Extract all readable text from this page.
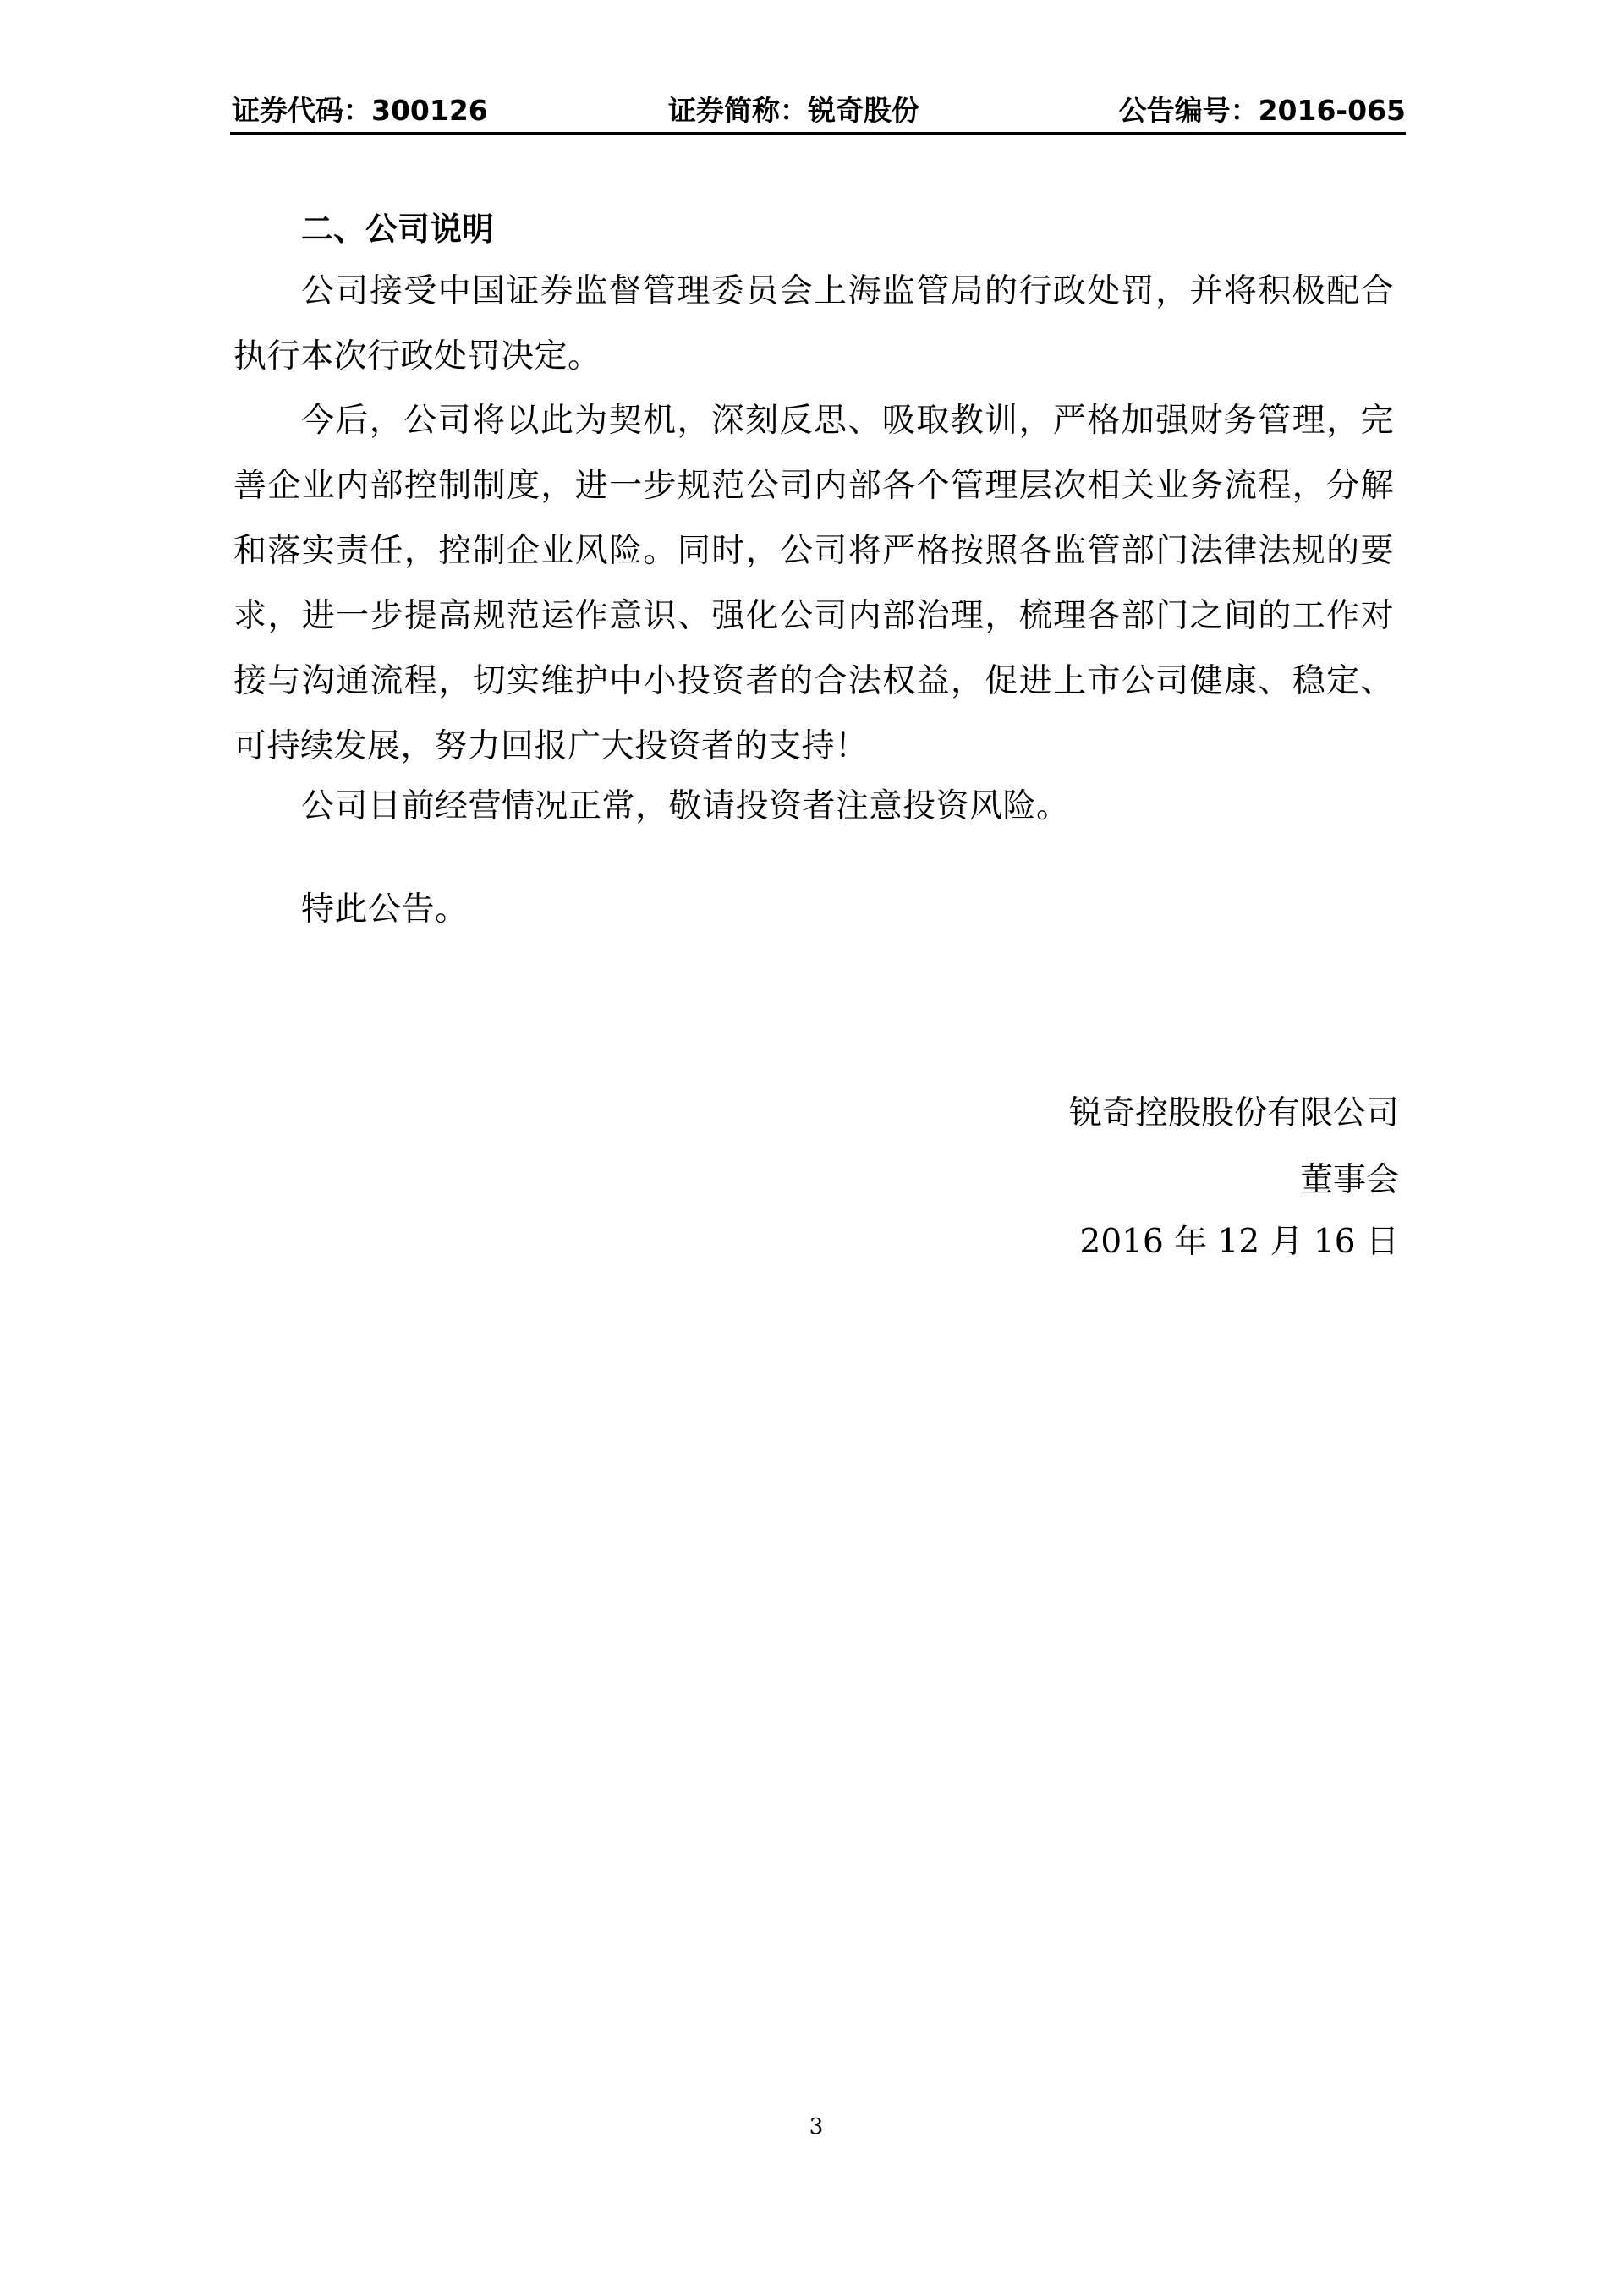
证券代码：300126	证券简称：锐奇股份	公告编号：2016-065
二、公司说明
公司接受中国证券监督管理委员会上海监管局的行政处罚，并将积极配合执行本次行政处罚决定。
今后，公司将以此为契机，深刻反思、吸取教训，严格加强财务管理，完善企业内部控制制度，进一步规范公司内部各个管理层次相关业务流程，分解和落实责任，控制企业风险。同时，公司将严格按照各监管部门法律法规的要求，进一步提高规范运作意识、强化公司内部治理，梳理各部门之间的工作对接与沟通流程，切实维护中小投资者的合法权益，促进上市公司健康、稳定、可持续发展，努力回报广大投资者的支持！
公司目前经营情况正常，敬请投资者注意投资风险。
特此公告。
锐奇控股股份有限公司
董事会
2016 年 12 月 16 日
3
